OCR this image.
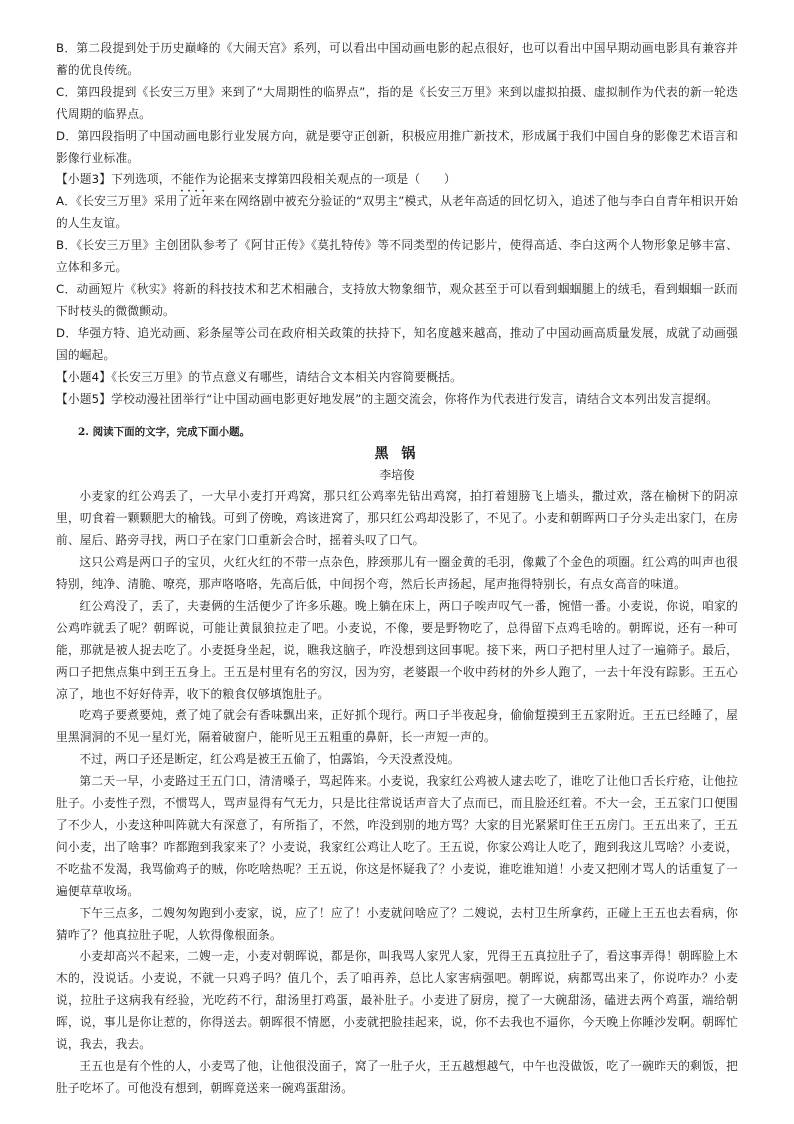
B．第二段提到处于历史巅峰的《大闹天宫》系列，可以看出中国动画电影的起点很好，也可以看出中国早期动画电影具有兼容并蓄的优良传统。

C．第四段提到《长安三万里》来到了“大周期性的临界点”，指的是《长安三万里》来到以虚拟拍摄、虚拟制作为代表的新一轮迭代周期的临界点。

D．第四段指明了中国动画电影行业发展方向，就是要守正创新，积极应用推广新技术，形成属于我们中国自身的影像艺术语言和影像行业标准。

【小题3】下列选项，不能作为 ••••论据来支撑第四段相关观点的一项是（　　）

A．《长安三万里》采用了近年来在网络剧中被充分验证的“双男主”模式，从老年高适的回忆切入，追述了他与李白自青年相识开始的人生友谊。

B．《长安三万里》主创团队参考了《阿甘正传》《莫扎特传》等不同类型的传记影片，使得高适、李白这两个人物形象足够丰富、立体和多元。

C．动画短片《秋实》将新的科技技术和艺术相融合，支持放大物象细节，观众甚至于可以看到蝈蝈腿上的绒毛，看到蝈蝈一跃而下时枝头的微微颤动。

D．华强方特、追光动画、彩条屋等公司在政府相关政策的扶持下，知名度越来越高，推动了中国动画高质量发展，成就了动画强国的崛起。

【小题4】《长安三万里》的节点意义有哪些，请结合文本相关内容简要概括。

【小题5】学校动漫社团举行“让中国动画电影更好地发展”的主题交流会，你将作为代表进行发言，请结合文本列出发言提纲。

2. 阅读下面的文字，完成下面小题。
黑 锅
李培俊

小麦家的红公鸡丢了，一大早小麦打开鸡窝，那只红公鸡率先钻出鸡窝，拍打着翅膀飞上墙头，撒过欢，落在榆树下的阴凉里，叨食着一颗颗肥大的榆钱。可到了傍晚，鸡该进窝了，那只红公鸡却没影了，不见了。小麦和朝晖两口子分头走出家门，在房前、屋后、路旁寻找，两口子在家门口重新会合时，摇着头叹了口气。

这只公鸡是两口子的宝贝，火红火红的不带一点杂色，脖颈那儿有一圈金黄的毛羽，像戴了个金色的项圈。红公鸡的叫声也很特别，纯净、清脆、嘹亮，那声咯咯咯，先高后低，中间拐个弯，然后长声扬起，尾声拖得特别长，有点女高音的味道。

红公鸡没了，丢了，夫妻俩的生活便少了许多乐趣。晚上躺在床上，两口子唉声叹气一番，惋惜一番。小麦说，你说，咱家的公鸡咋就丢了呢？朝晖说，可能让黄鼠狼拉走了吧。小麦说，不像，要是野物吃了，总得留下点鸡毛啥的。朝晖说，还有一种可能，那就是被人捉去吃了。小麦挺身坐起，说，瞧我这脑子，咋没想到这回事呢。接下来，两口子把村里人过了一遍筛子。最后，两口子把焦点集中到王五身上。王五是村里有名的穷汉，因为穷，老婆跟一个收中药材的外乡人跑了，一去十年没有踪影。王五心凉了，地也不好好侍弄，收下的粮食仅够填饱肚子。

吃鸡子要煮要炖，煮了炖了就会有香味飘出来，正好抓个现行。两口子半夜起身，偷偷踅摸到王五家附近。王五已经睡了，屋里黑洞洞的不见一星灯光，隔着破窗户，能听见王五粗重的鼻鼾，长一声短一声的。

不过，两口子还是断定，红公鸡是被王五偷了，怕露馅，今天没煮没炖。

第二天一早，小麦路过王五门口，清清嗓子，骂起阵来。小麦说，我家红公鸡被人逮去吃了，谁吃了让他口舌长疔疮，让他拉肚子。小麦性子烈，不惯骂人，骂声显得有气无力，只是比往常说话声音大了点而已，而且脸还红着。不大一会，王五家门口便围了不少人，小麦这种叫阵就大有深意了，有所指了，不然，咋没到别的地方骂？大家的目光紧紧盯住王五房门。王五出来了，王五问小麦，出了啥事？咋都跑到我家来了？小麦说，我家红公鸡让人吃了。王五说，你家公鸡让人吃了，跑到我这儿骂啥？小麦说，不吃盐不发渴，我骂偷鸡子的贼，你吃啥热呢？王五说，你这是怀疑我了？小麦说，谁吃谁知道！小麦又把刚才骂人的话重复了一遍便草草收场。

下午三点多，二嫂匆匆跑到小麦家，说，应了！应了！小麦就问啥应了？二嫂说，去村卫生所拿药，正碰上王五也去看病，你猜咋了？他真拉肚子呢，人软得像根面条。

小麦却高兴不起来，二嫂一走，小麦对朝晖说，都是你，叫我骂人家咒人家，咒得王五真拉肚子了，看这事弄得！朝晖脸上木木的，没说话。小麦说，不就一只鸡子吗？值几个，丢了咱再养，总比人家害病强吧。朝晖说，病都骂出来了，你说咋办？小麦说，拉肚子这病我有经验，光吃药不行，甜汤里打鸡蛋，最补肚子。小麦进了厨房，搅了一大碗甜汤，磕进去两个鸡蛋，端给朝晖，说，事儿是你让惹的，你得送去。朝晖很不情愿，小麦就把脸挂起来，说，你不去我也不逼你，今天晚上你睡沙发啊。朝晖忙说，我去，我去。

王五也是有个性的人，小麦骂了他，让他很没面子，窝了一肚子火，王五越想越气，中午也没做饭，吃了一碗昨天的剩饭，把肚子吃坏了。可他没有想到，朝晖竟送来一碗鸡蛋甜汤。
